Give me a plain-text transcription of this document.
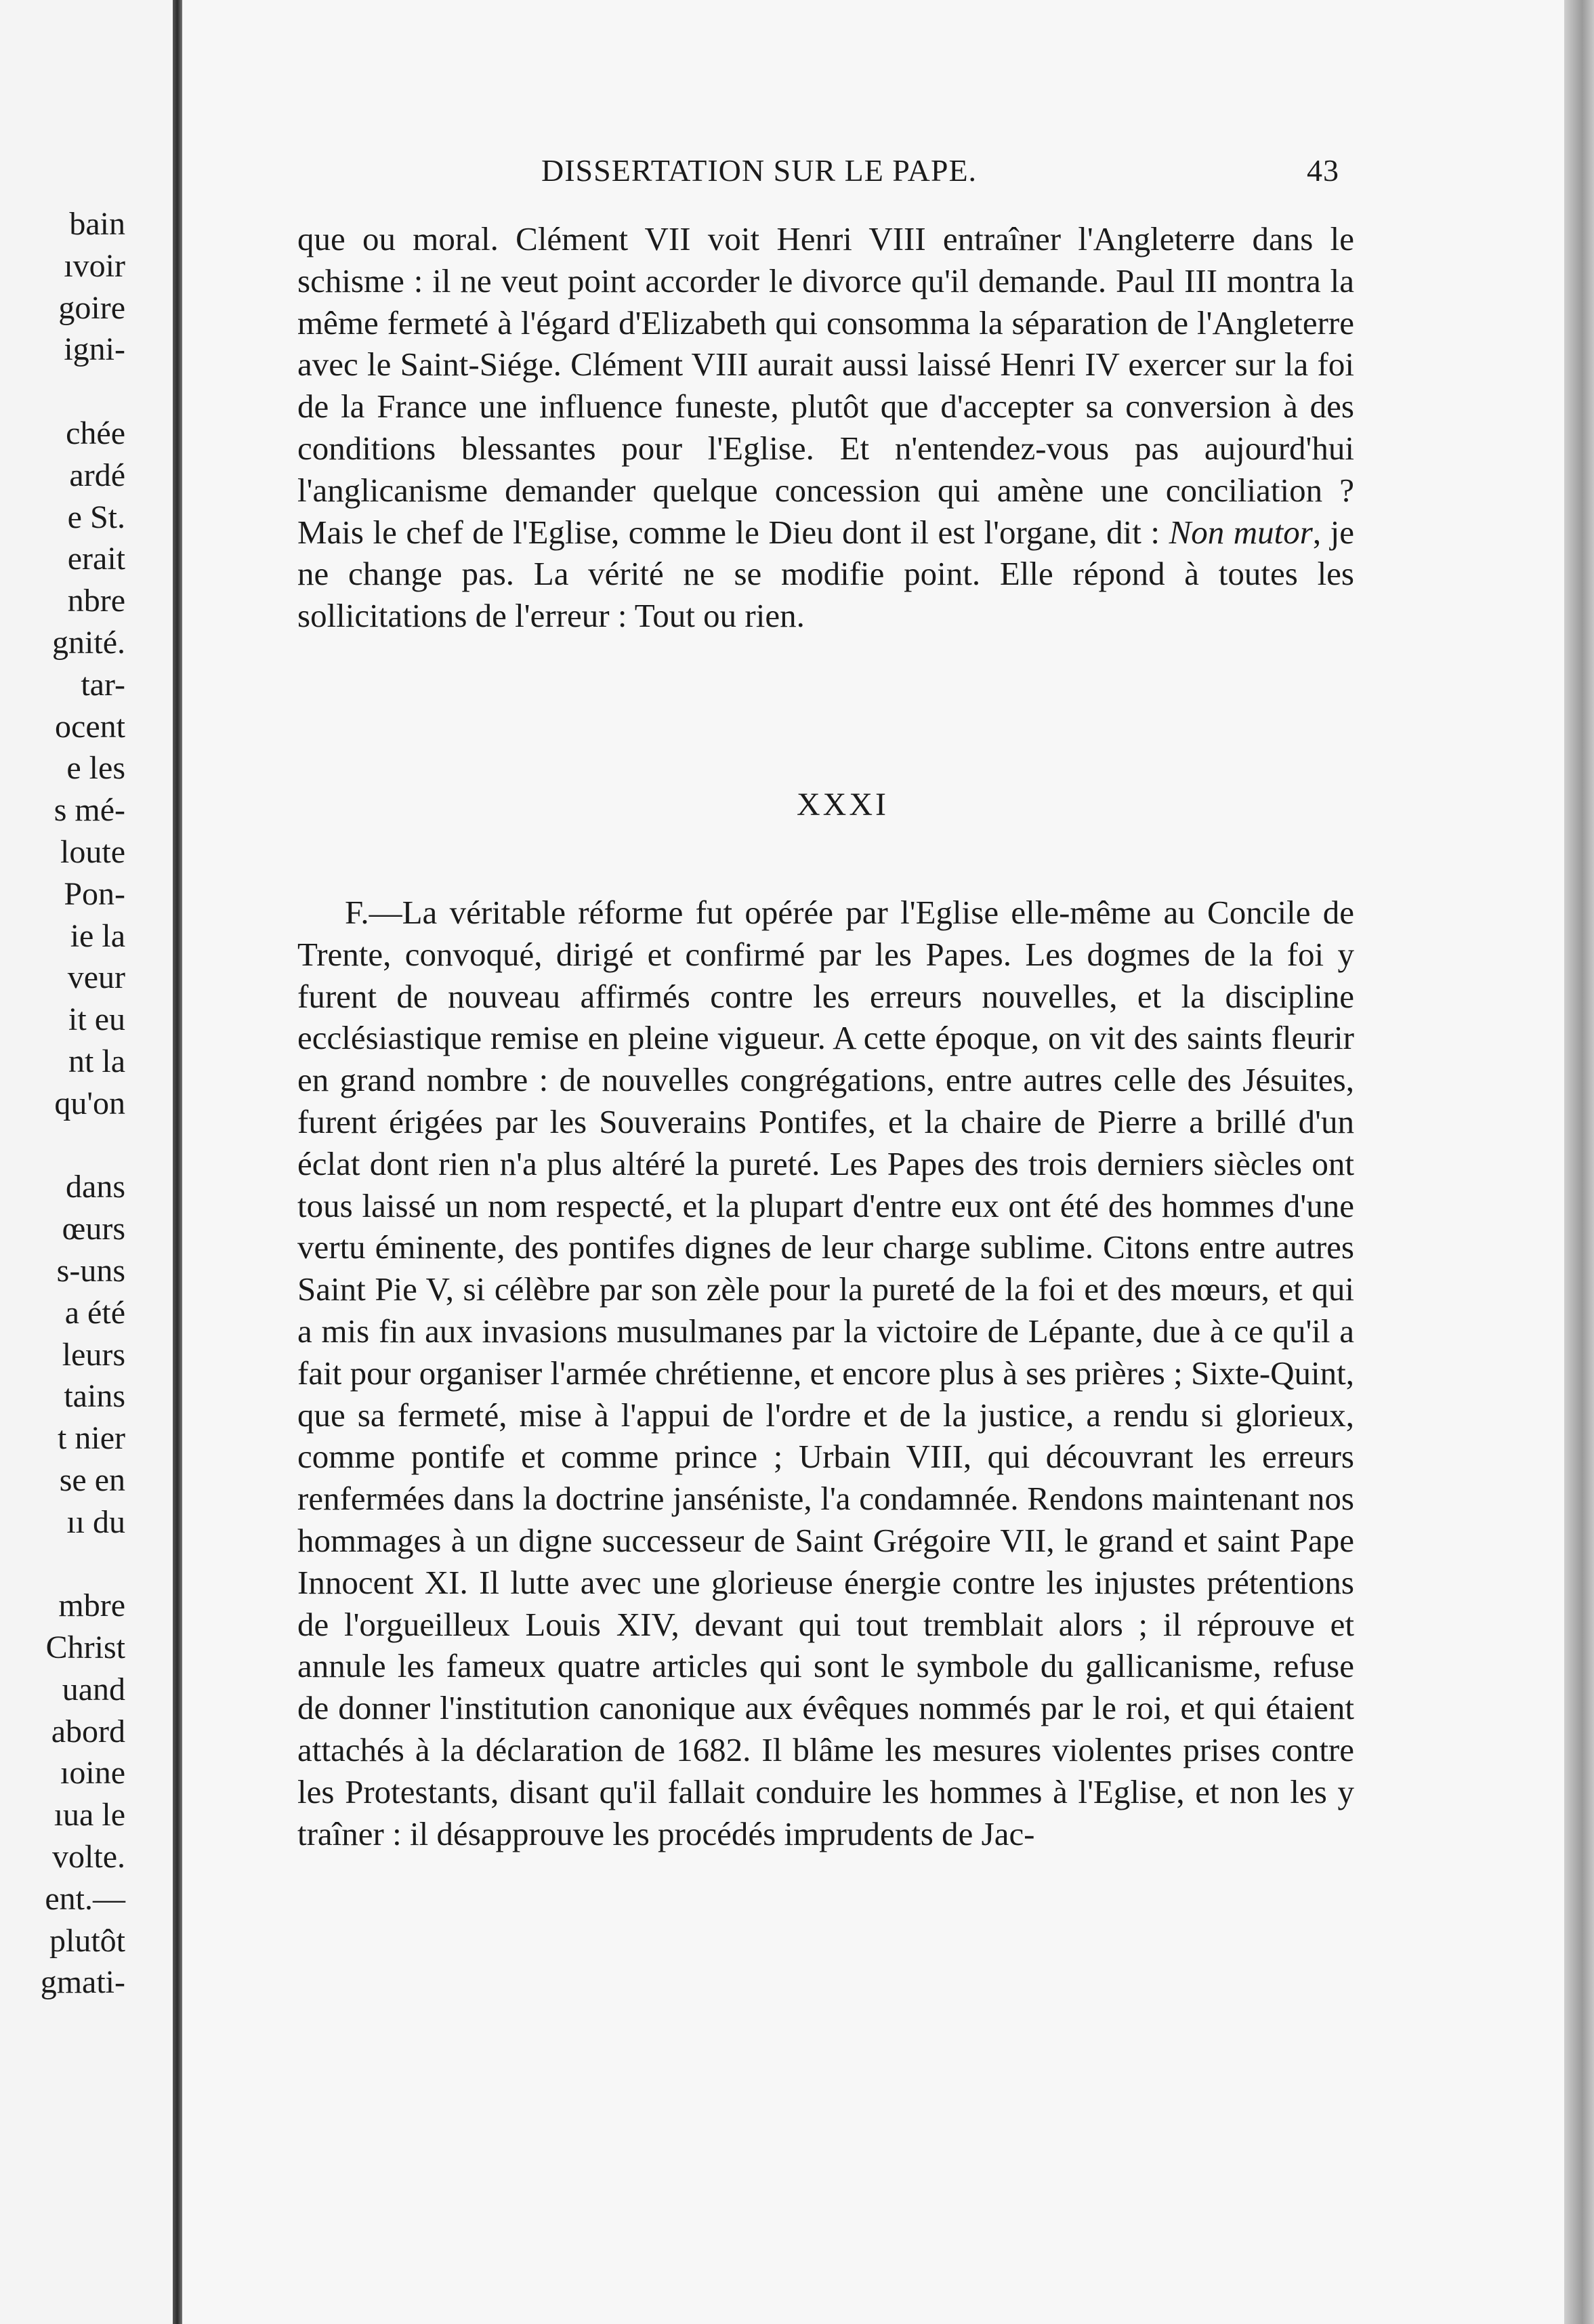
bain
ıvoir
goire
igni-
chée
ardé
e St.
erait
nbre
gnité.
tar-
ocent
e les
s mé-
loute
Pon-
ie la
veur
it eu
nt la
qu'on
dans
œurs
s-uns
a été
leurs
tains
t nier
se en
ıı du
mbre
Christ
uand
abord
ıoine
ıua le
volte.
ent.—
plutôt
gmati-
DISSERTATION SUR LE PAPE.	43

que ou moral. Clément VII voit Henri VIII entraîner l'Angleterre dans le schisme : il ne veut point accorder le divorce qu'il demande. Paul III montra la même fermeté à l'égard d'Elizabeth qui consomma la séparation de l'Angleterre avec le Saint-Siége. Clément VIII aurait aussi laissé Henri IV exercer sur la foi de la France une influence funeste, plutôt que d'accepter sa conversion à des conditions blessantes pour l'Eglise. Et n'entendez-vous pas aujourd'hui l'anglicanisme demander quelque concession qui amène une conciliation ? Mais le chef de l'Eglise, comme le Dieu dont il est l'organe, dit : Non mutor, je ne change pas. La vérité ne se modifie point. Elle répond à toutes les sollicitations de l'erreur : Tout ou rien.

XXXI

F.—La véritable réforme fut opérée par l'Eglise elle-même au Concile de Trente, convoqué, dirigé et confirmé par les Papes. Les dogmes de la foi y furent de nouveau affirmés contre les erreurs nouvelles, et la discipline ecclésiastique remise en pleine vigueur. A cette époque, on vit des saints fleurir en grand nombre : de nouvelles congrégations, entre autres celle des Jésuites, furent érigées par les Souverains Pontifes, et la chaire de Pierre a brillé d'un éclat dont rien n'a plus altéré la pureté. Les Papes des trois derniers siècles ont tous laissé un nom respecté, et la plupart d'entre eux ont été des hommes d'une vertu éminente, des pontifes dignes de leur charge sublime. Citons entre autres Saint Pie V, si célèbre par son zèle pour la pureté de la foi et des mœurs, et qui a mis fin aux invasions musulmanes par la victoire de Lépante, due à ce qu'il a fait pour organiser l'armée chrétienne, et encore plus à ses prières ; Sixte-Quint, que sa fermeté, mise à l'appui de l'ordre et de la justice, a rendu si glorieux, comme pontife et comme prince ; Urbain VIII, qui découvrant les erreurs renfermées dans la doctrine janséniste, l'a condamnée. Rendons maintenant nos hommages à un digne successeur de Saint Grégoire VII, le grand et saint Pape Innocent XI. Il lutte avec une glorieuse énergie contre les injustes prétentions de l'orgueilleux Louis XIV, devant qui tout tremblait alors ; il réprouve et annule les fameux quatre articles qui sont le symbole du gallicanisme, refuse de donner l'institution canonique aux évêques nommés par le roi, et qui étaient attachés à la déclaration de 1682. Il blâme les mesures violentes prises contre les Protestants, disant qu'il fallait conduire les hommes à l'Eglise, et non les y traîner : il désapprouve les procédés imprudents de Jac-
